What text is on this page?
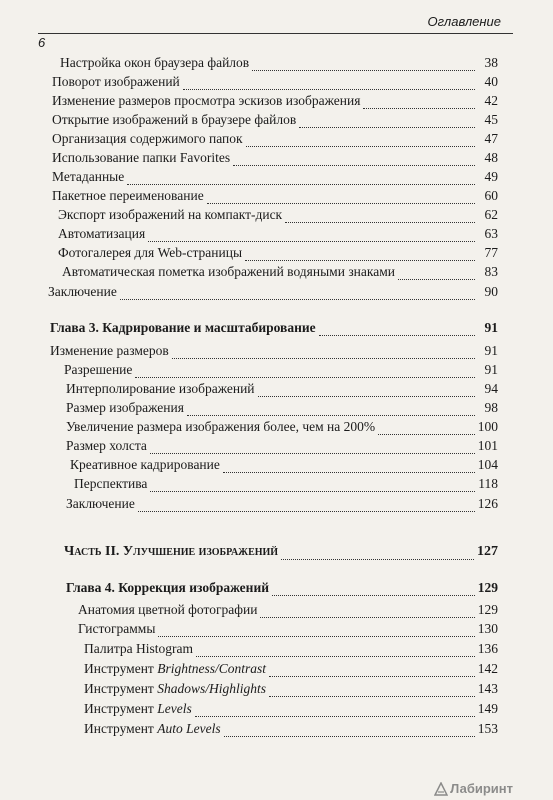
Оглавление
6
Настройка окон браузера файлов	38
Поворот изображений	40
Изменение размеров просмотра эскизов изображения	42
Открытие изображений в браузере файлов	45
Организация содержимого папок	47
Использование папки Favorites	48
Метаданные	49
Пакетное переименование	60
Экспорт изображений на компакт-диск	62
Автоматизация	63
Фотогалерея для Web-страницы	77
Автоматическая пометка изображений водяными знаками	83
Заключение	90
Глава 3. Кадрирование и масштабирование	91
Изменение размеров	91
Разрешение	91
Интерполирование изображений	94
Размер изображения	98
Увеличение размера изображения более, чем на 200%	100
Размер холста	101
Креативное кадрирование	104
Перспектива	118
Заключение	126
Часть II. Улучшение изображений	127
Глава 4. Коррекция изображений	129
Анатомия цветной фотографии	129
Гистограммы	130
Палитра Histogram	136
Инструмент Brightness/Contrast	142
Инструмент Shadows/Highlights	143
Инструмент Levels	149
Инструмент Auto Levels	153
Лабиринт
